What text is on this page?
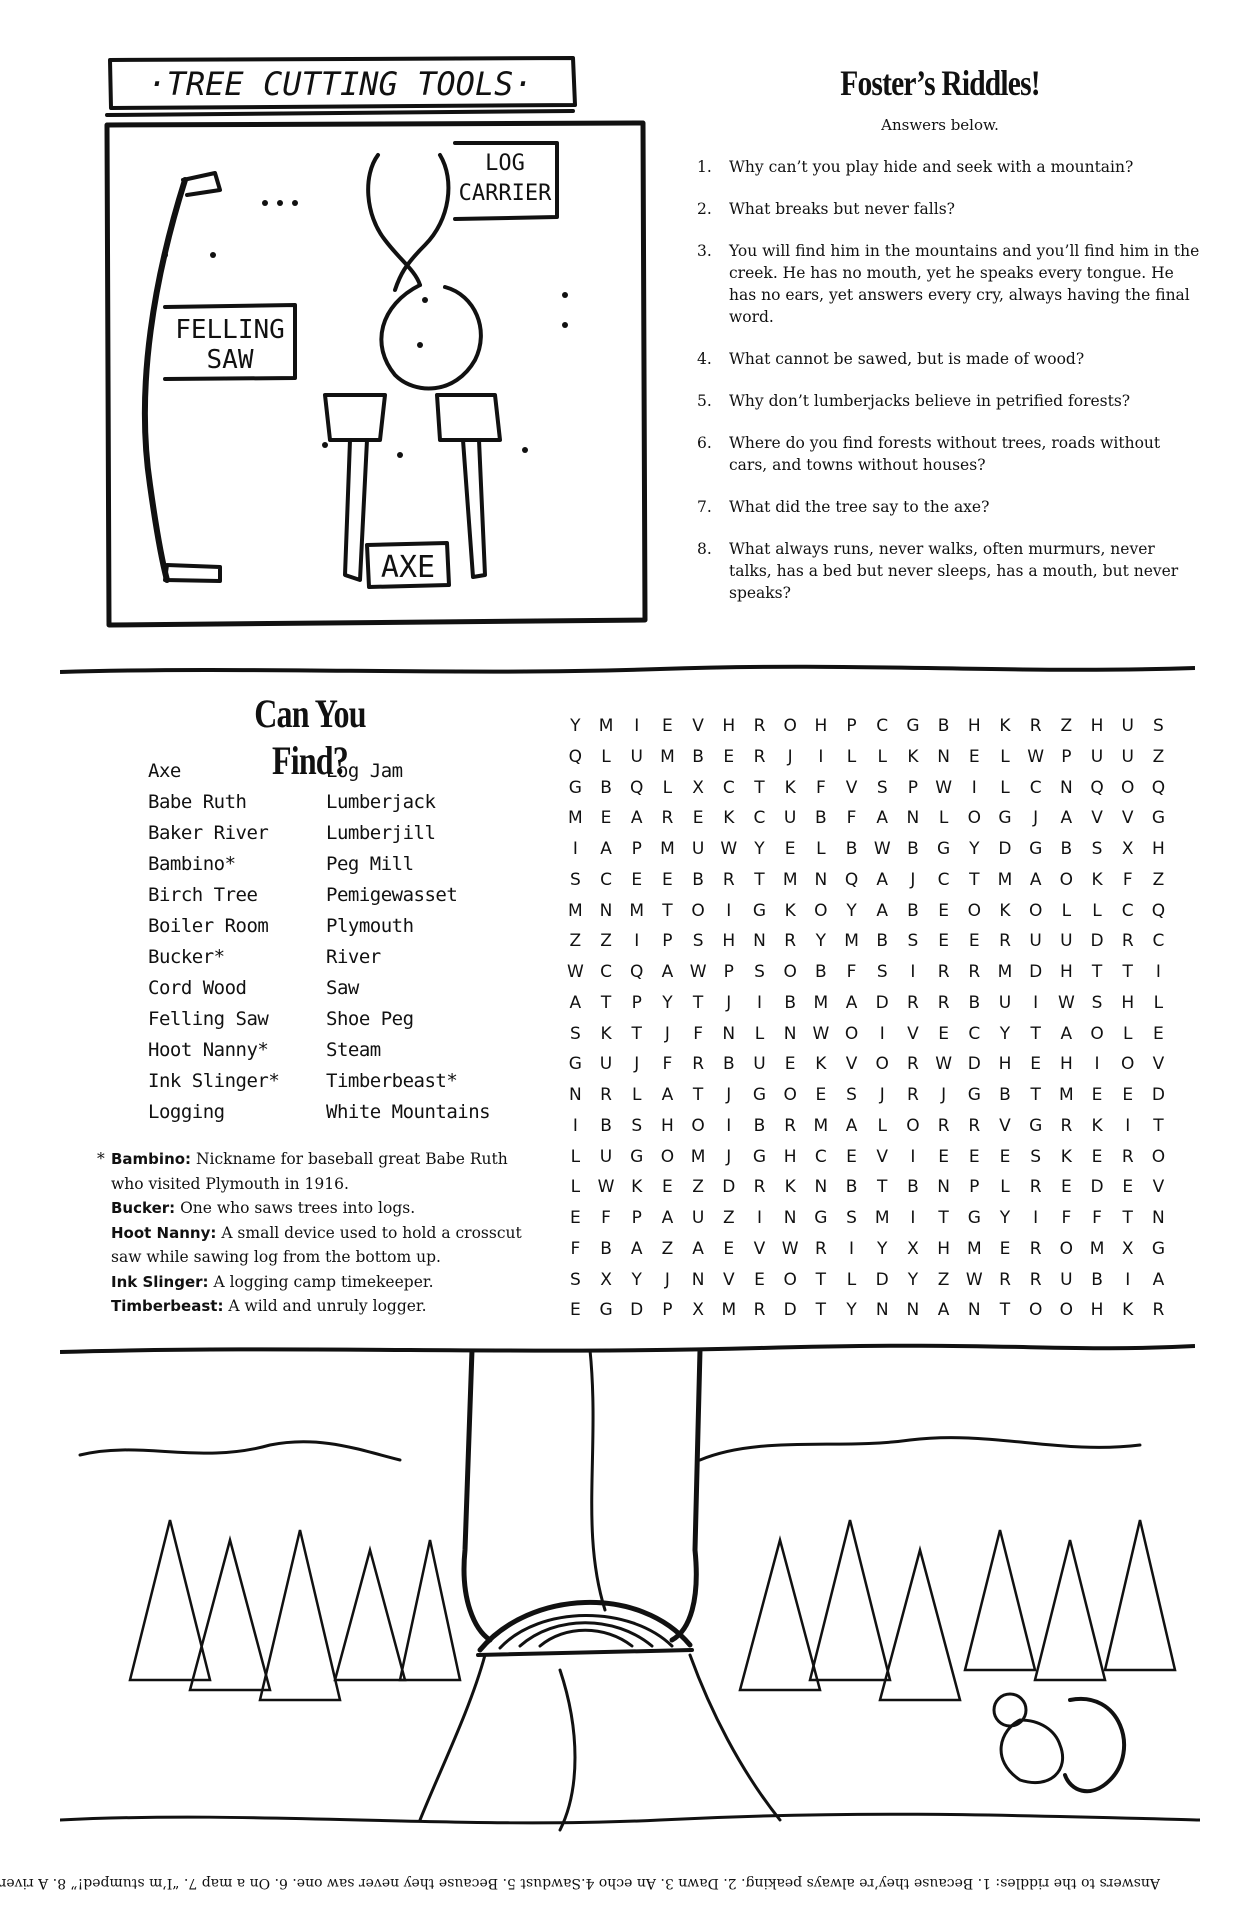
·TREE CUTTING TOOLS·
LOG
CARRIER
FELLING
SAW
AXE
Foster’s Riddles!
Answers below.
1. Why can’t you play hide and seek with a mountain?
2. What breaks but never falls?
3. You will find him in the mountains and you’ll find him in the creek. He has no mouth, yet he speaks every tongue. He has no ears, yet answers every cry, always having the final word.
4. What cannot be sawed, but is made of wood?
5. Why don’t lumberjacks believe in petrified forests?
6. Where do you find forests without trees, roads without cars, and towns without houses?
7. What did the tree say to the axe?
8. What always runs, never walks, often murmurs, never talks, has a bed but never sleeps, has a mouth, but never speaks?
Can You Find?
Axe
Babe Ruth
Baker River
Bambino*
Birch Tree
Boiler Room
Bucker*
Cord Wood
Felling Saw
Hoot Nanny*
Ink Slinger*
Logging
Log Jam
Lumberjack
Lumberjill
Peg Mill
Pemigewasset
Plymouth
River
Saw
Shoe Peg
Steam
Timberbeast*
White Mountains
* Bambino: Nickname for baseball great Babe Ruth who visited Plymouth in 1916.
Bucker: One who saws trees into logs.
Hoot Nanny: A small device used to hold a crosscut saw while sawing log from the bottom up.
Ink Slinger: A logging camp timekeeper.
Timberbeast: A wild and unruly logger.
Y	M	I	E	V	H	R	O	H	P	C	G	B	H	K	R	Z	H	U	S
Q	L	U	M	B	E	R	J	I	L	L	K	N	E	L	W	P	U	U	Z
G	B	Q	L	X	C	T	K	F	V	S	P	W	I	L	C	N	Q	O	Q
M	E	A	R	E	K	C	U	B	F	A	N	L	O	G	J	A	V	V	G
I	A	P	M	U W	Y	E	L	B W B	G	Y	D	G	B	S	X	H
S	C	E	E	B	R	T	M	N	Q	A	J	C	T	M	A	O	K	F	Z
M	N M	T	O	I	G	K	O	Y	A	B	E	O	K	O	L	L	C	Q
Z	Z	I	P	S	H	N	R	Y	M	B	S	E	E	R	U	U	D	R	C
W C	Q	A W	P	S	O	B	F	S	I	R	R	M D	H	T	T	I
A	T	P	Y	T	J	I	B	M	A	D	R	R	B	U	I	W S	H	L
S	K	T	J	F	N	L	N W O	I	V	E	C	Y	T	A	O	L	E
G	U	J	F	R	B	U	E	K	V	O	R W D	H	E	H	I	O	V
N	R	L	A	T	J	G	O	E	S	J	R	J	G	B	T	M	E	E	D
I	B	S	H	O	I	B	R	M	A	L	O	R	R	V	G	R	K	I	T
L	U	G	O M	J	G	H	C	E	V	I	E	E	E	S	K	E	R	O
L	W K	E	Z	D	R	K	N	B	T	B	N	P	L	R	E	D	E	V
E	F	P	A	U	Z	I	N	G	S	M	I	T	G	Y	I	F	F	T	N
F	B	A	Z	A	E	V W R	I	Y	X	H M	E	R	O M	X	G
S	X	Y	J	N	V	E	O	T	L	D	Y	Z W R	R	U	B	I	A
E	G	D	P	X	M	R	D	T	Y	N	N	A	N	T	O	O	H	K	R
Answers to the riddles: 1. Because they’re always peaking. 2. Dawn 3. An echo 4.Sawdust 5. Because they never saw one. 6. On a map 7. “I’m stumped!” 8. A river
